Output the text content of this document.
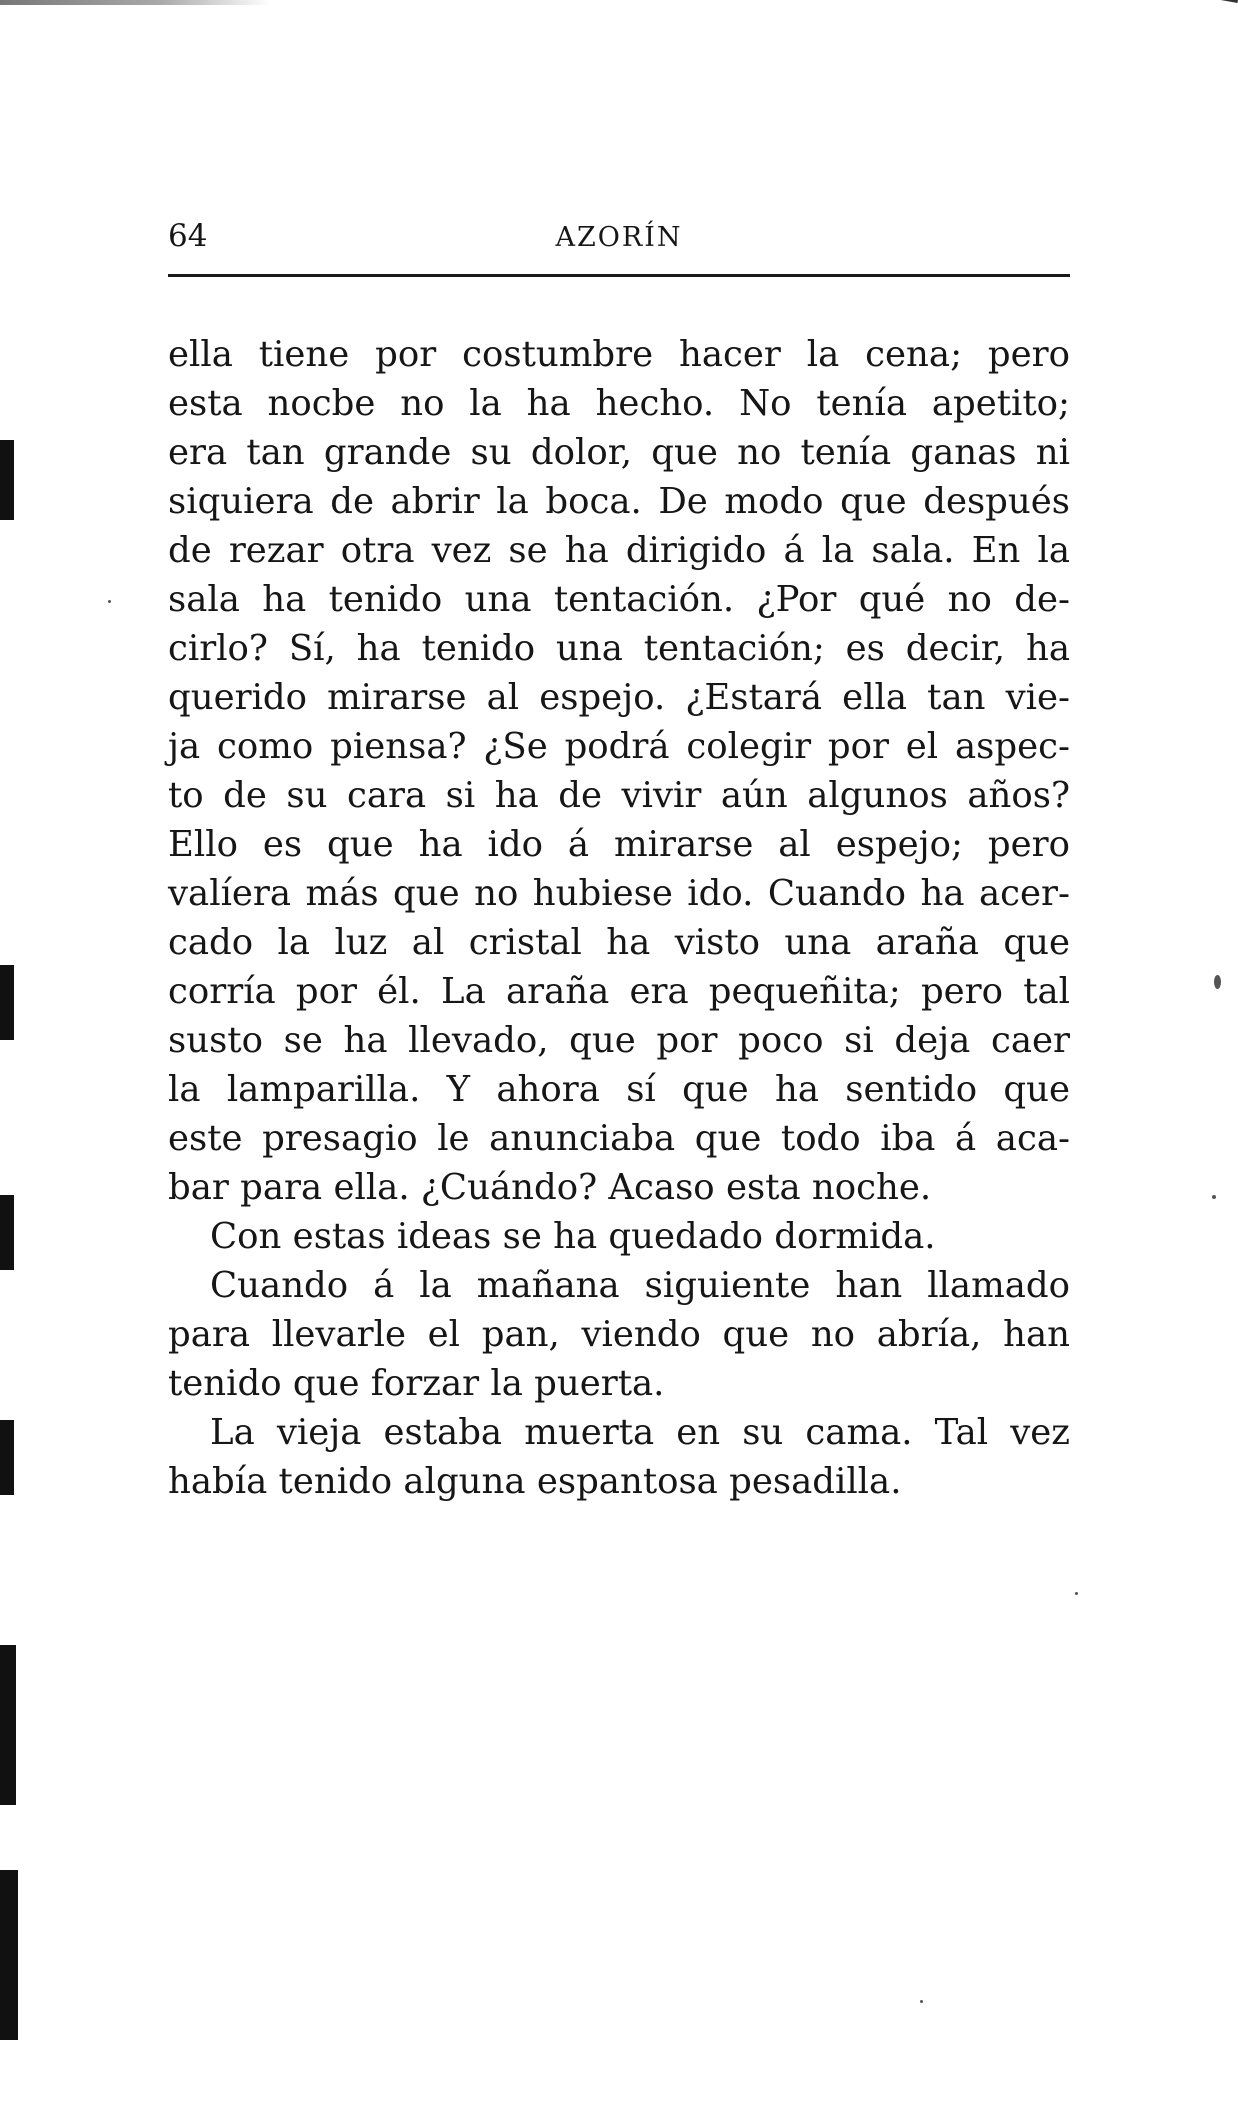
64	AZORÍN
ella tiene por costumbre hacer la cena; pero
esta nocbe no la ha hecho. No tenía apetito;
era tan grande su dolor, que no tenía ganas ni
siquiera de abrir la boca. De modo que después
de rezar otra vez se ha dirigido á la sala. En la
sala ha tenido una tentación. ¿Por qué no de-
cirlo? Sí, ha tenido una tentación; es decir, ha
querido mirarse al espejo. ¿Estará ella tan vie-
ja como piensa? ¿Se podrá colegir por el aspec-
to de su cara si ha de vivir aún algunos años?
Ello es que ha ido á mirarse al espejo; pero
valíera más que no hubiese ido. Cuando ha acer-
cado la luz al cristal ha visto una araña que
corría por él. La araña era pequeñita; pero tal
susto se ha llevado, que por poco si deja caer
la lamparilla. Y ahora sí que ha sentido que
este presagio le anunciaba que todo iba á aca-
bar para ella. ¿Cuándo? Acaso esta noche.
Con estas ideas se ha quedado dormida.
Cuando á la mañana siguiente han llamado
para llevarle el pan, viendo que no abría, han
tenido que forzar la puerta.
La vieja estaba muerta en su cama. Tal vez
había tenido alguna espantosa pesadilla.
